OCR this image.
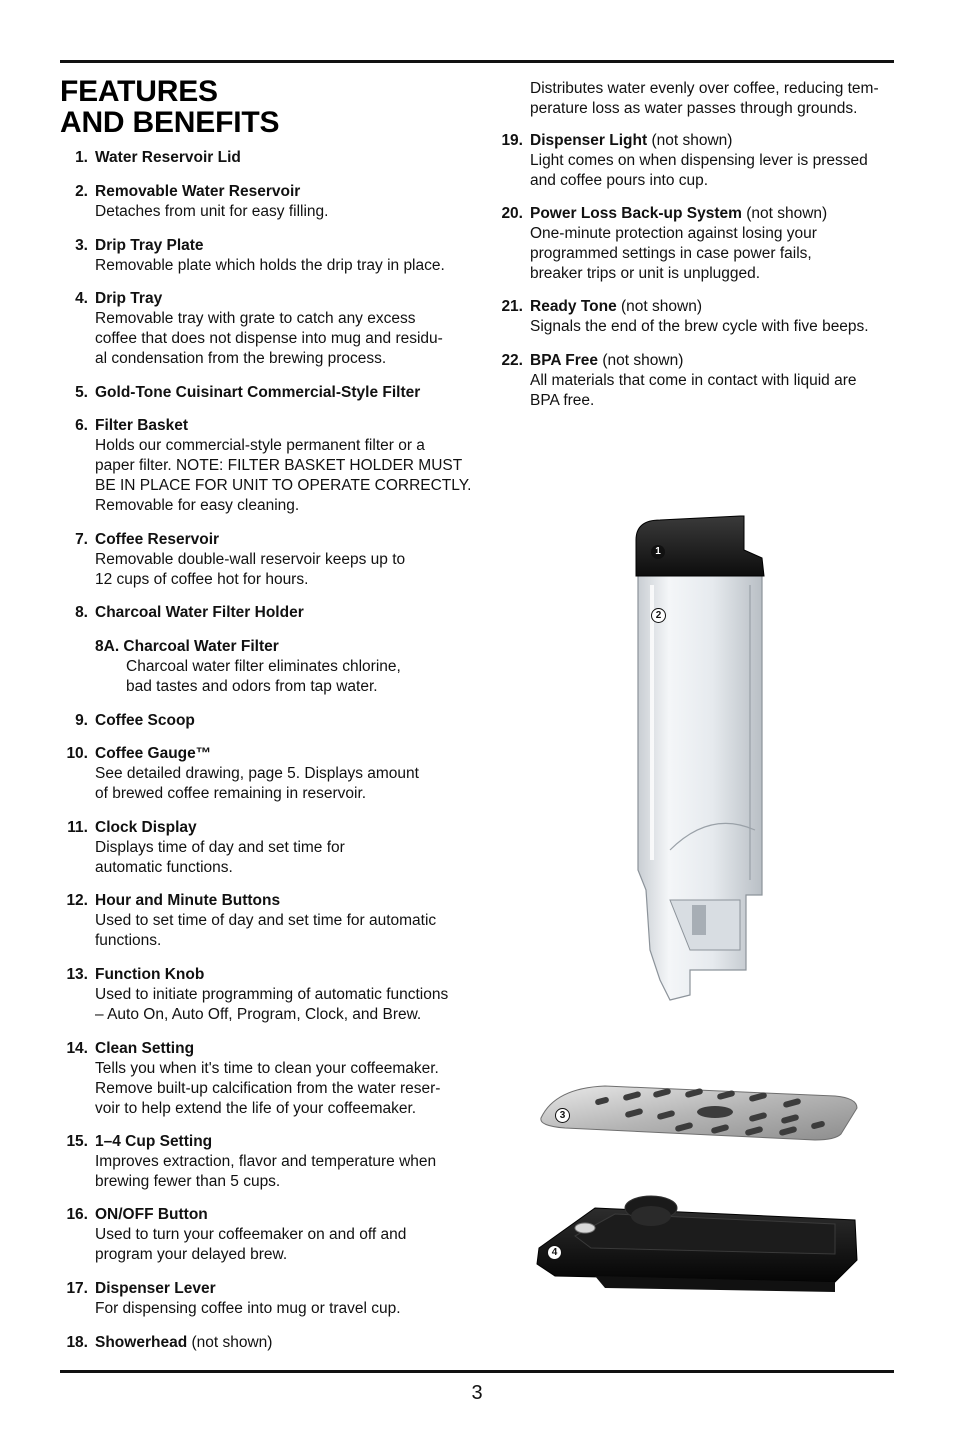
FEATURES
AND BENEFITS
1. Water Reservoir Lid
2. Removable Water Reservoir
Detaches from unit for easy filling.
3. Drip Tray Plate
Removable plate which holds the drip tray in place.
4. Drip Tray
Removable tray with grate to catch any excess
coffee that does not dispense into mug and residu-
al condensation from the brewing process.
5. Gold-Tone Cuisinart Commercial-Style Filter
6. Filter Basket
Holds our commercial-style permanent filter or a
paper filter. NOTE: FILTER BASKET HOLDER MUST
BE IN PLACE FOR UNIT TO OPERATE CORRECTLY.
Removable for easy cleaning.
7. Coffee Reservoir
Removable double-wall reservoir keeps up to
12 cups of coffee hot for hours.
8. Charcoal Water Filter Holder
8A. Charcoal Water Filter
Charcoal water filter eliminates chlorine,
bad tastes and odors from tap water.
9. Coffee Scoop
10. Coffee Gauge™
See detailed drawing, page 5. Displays amount
of brewed coffee remaining in reservoir.
11. Clock Display
Displays time of day and set time for
automatic functions.
12. Hour and Minute Buttons
Used to set time of day and set time for automatic
functions.
13. Function Knob
Used to initiate programming of automatic functions
– Auto On, Auto Off, Program, Clock, and Brew.
14. Clean Setting
Tells you when it's time to clean your coffeemaker.
Remove built-up calcification from the water reser-
voir to help extend the life of your coffeemaker.
15. 1–4 Cup Setting
Improves extraction, flavor and temperature when
brewing fewer than 5 cups.
16. ON/OFF Button
Used to turn your coffeemaker on and off and
program your delayed brew.
17. Dispenser Lever
For dispensing coffee into mug or travel cup.
18. Showerhead (not shown)
Distributes water evenly over coffee, reducing tem-
perature loss as water passes through grounds.
19. Dispenser Light (not shown)
Light comes on when dispensing lever is pressed
and coffee pours into cup.
20. Power Loss Back-up System (not shown)
One-minute protection against losing your
programmed settings in case power fails,
breaker trips or unit is unplugged.
21. Ready Tone (not shown)
Signals the end of the brew cycle with five beeps.
22. BPA Free (not shown)
All materials that come in contact with liquid are
BPA free.
1
2
3
4
3
